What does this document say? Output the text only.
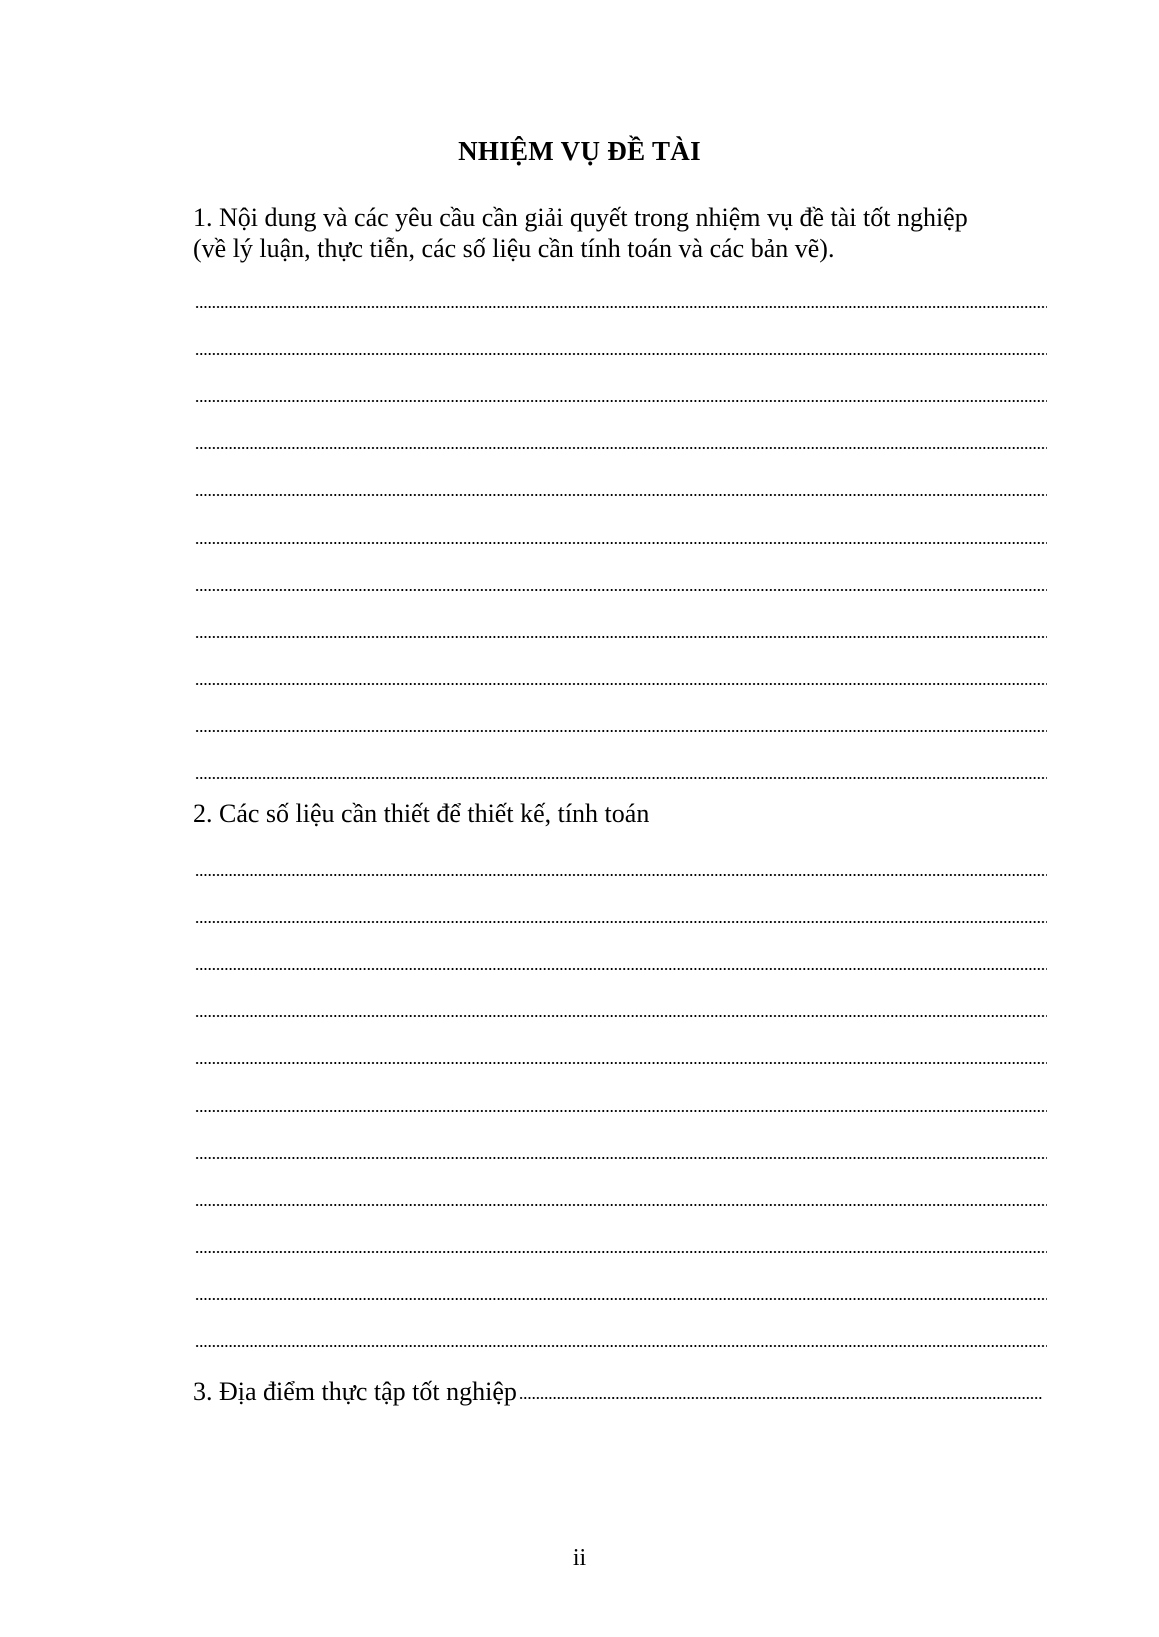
NHIỆM VỤ ĐỀ TÀI
1. Nội dung và các yêu cầu cần giải quyết trong nhiệm vụ đề tài tốt nghiệp
(về lý luận, thực tiễn, các số liệu cần tính toán và các bản vẽ).
2. Các số liệu cần thiết để thiết kế, tính toán
3. Địa điểm thực tập tốt nghiệp
ii
